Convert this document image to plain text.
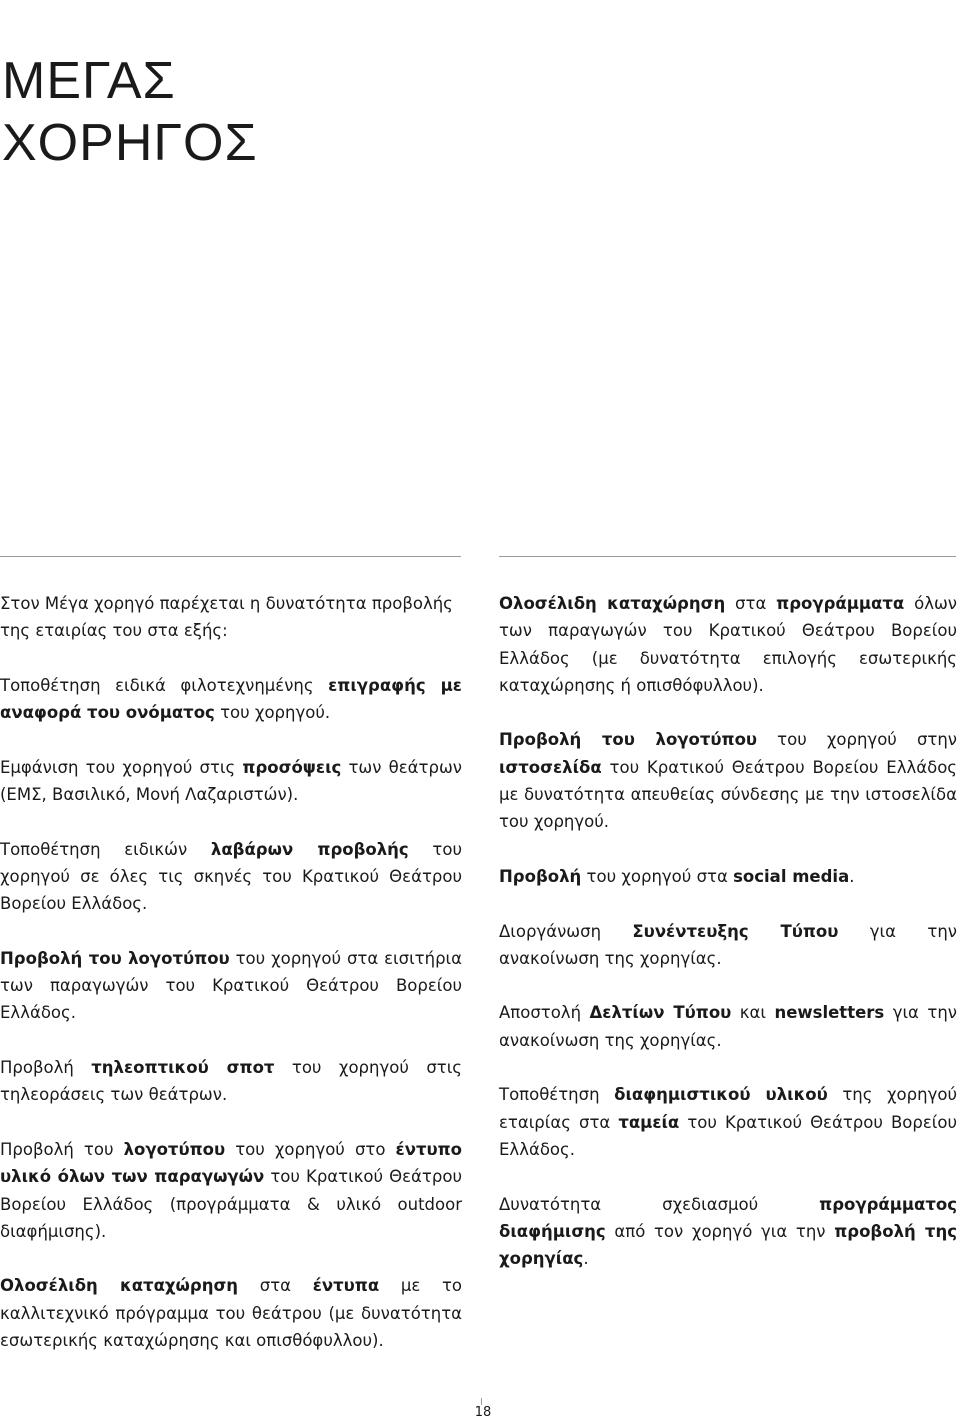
ΜΕΓΑΣ
ΧΟΡΗΓΟΣ

Στον Μέγα χορηγό παρέχεται η δυνατότητα προβολής της εταιρίας του στα εξής:

Τοποθέτηση ειδικά φιλοτεχνημένης επιγραφής με αναφορά του ονόματος του χορηγού.

Εμφάνιση του χορηγού στις προσόψεις των θεάτρων (ΕΜΣ, Βασιλικό, Μονή Λαζαριστών).

Τοποθέτηση ειδικών λαβάρων προβολής του χορηγού σε όλες τις σκηνές του Κρατικού Θεάτρου Βορείου Ελλάδος.

Προβολή του λογοτύπου του χορηγού στα εισιτήρια των παραγωγών του Κρατικού Θεάτρου Βορείου Ελλάδος.

Προβολή τηλεοπτικού σποτ του χορηγού στις τηλεοράσεις των θεάτρων.

Προβολή του λογοτύπου του χορηγού στο έντυπο υλικό όλων των παραγωγών του Κρατικού Θεάτρου Βορείου Ελλάδος (προγράμματα & υλικό outdoor διαφήμισης).

Ολοσέλιδη καταχώρηση στα έντυπα με το καλλιτεχνικό πρόγραμμα του θεάτρου (με δυνατότητα εσωτερικής καταχώρησης και οπισθόφυλλου).

Ολοσέλιδη καταχώρηση στα προγράμματα όλων των παραγωγών του Κρατικού Θεάτρου Βορείου Ελλάδος (με δυνατότητα επιλογής εσωτερικής καταχώρησης ή οπισθόφυλλου).

Προβολή του λογοτύπου του χορηγού στην ιστοσελίδα του Κρατικού Θεάτρου Βορείου Ελλάδος με δυνατότητα απευθείας σύνδεσης με την ιστοσελίδα του χορηγού.

Προβολή του χορηγού στα social media.

Διοργάνωση Συνέντευξης Τύπου για την ανακοίνωση της χορηγίας.

Αποστολή Δελτίων Τύπου και newsletters για την ανακοίνωση της χορηγίας.

Τοποθέτηση διαφημιστικού υλικού της χορηγού εταιρίας στα ταμεία του Κρατικού Θεάτρου Βορείου Ελλάδος.

Δυνατότητα σχεδιασμού προγράμματος διαφήμισης από τον χορηγό για την προβολή της χορηγίας.

18
